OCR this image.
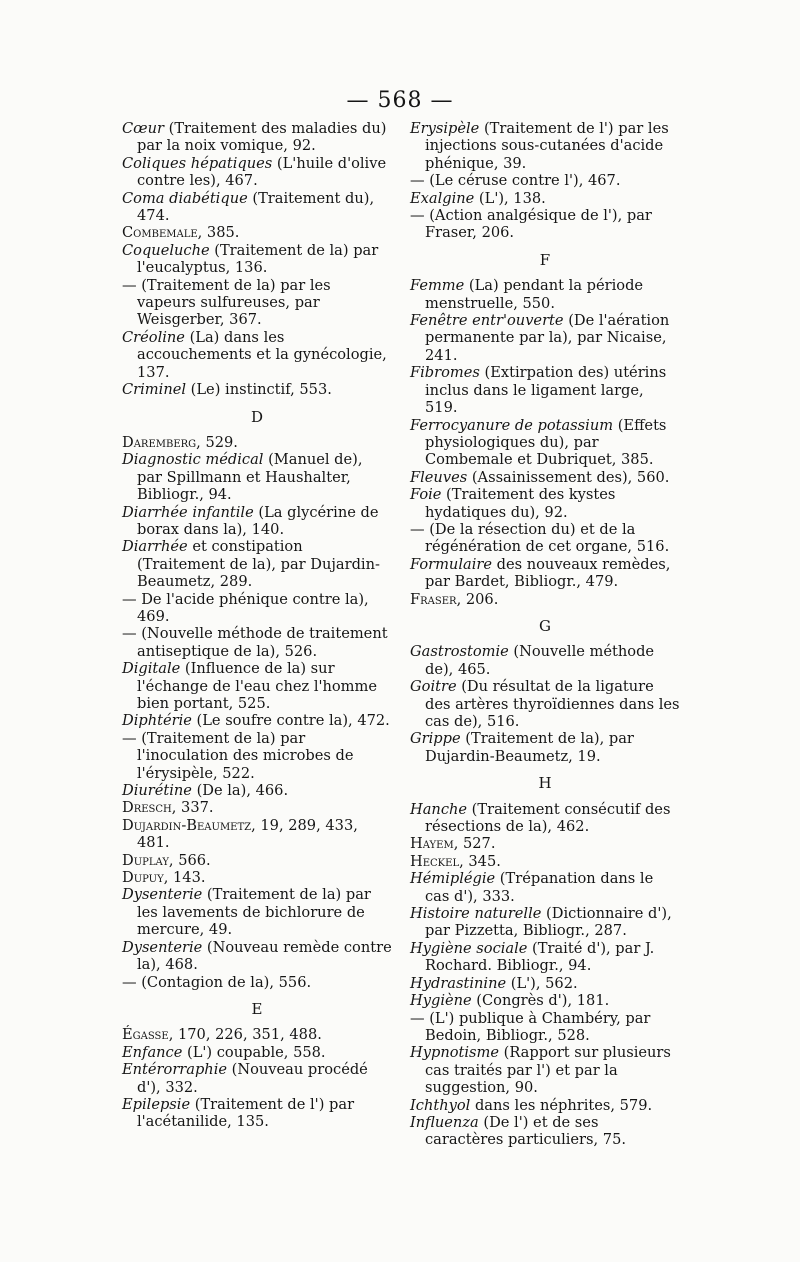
— 568 —

Cœur (Traitement des maladies du) par la noix vomique, 92.

Coliques hépatiques (L'huile d'olive contre les), 467.

Coma diabétique (Traitement du), 474.

Combemale, 385.

Coqueluche (Traitement de la) par l'eucalyptus, 136.

— (Traitement de la) par les vapeurs sulfureuses, par Weisgerber, 367.

Créoline (La) dans les accouchements et la gynécologie, 137.

Criminel (Le) instinctif, 553.

D

Daremberg, 529.

Diagnostic médical (Manuel de), par Spillmann et Haushalter, Bibliogr., 94.

Diarrhée infantile (La glycérine de borax dans la), 140.

Diarrhée et constipation (Traitement de la), par Dujardin-Beaumetz, 289.

— De l'acide phénique contre la), 469.

— (Nouvelle méthode de traitement antiseptique de la), 526.

Digitale (Influence de la) sur l'échange de l'eau chez l'homme bien portant, 525.

Diphtérie (Le soufre contre la), 472.

— (Traitement de la) par l'inoculation des microbes de l'érysipèle, 522.

Diurétine (De la), 466.

Dresch, 337.

Dujardin-Beaumetz, 19, 289, 433, 481.

Duplay, 566.

Dupuy, 143.

Dysenterie (Traitement de la) par les lavements de bichlorure de mercure, 49.

Dysenterie (Nouveau remède contre la), 468.

— (Contagion de la), 556.

E

Égasse, 170, 226, 351, 488.

Enfance (L') coupable, 558.

Entérorraphie (Nouveau procédé d'), 332.

Epilepsie (Traitement de l') par l'acétanilide, 135.

Erysipèle (Traitement de l') par les injections sous-cutanées d'acide phénique, 39.

— (Le céruse contre l'), 467.

Exalgine (L'), 138.

— (Action analgésique de l'), par Fraser, 206.

F

Femme (La) pendant la période menstruelle, 550.

Fenêtre entr'ouverte (De l'aération permanente par la), par Nicaise, 241.

Fibromes (Extirpation des) utérins inclus dans le ligament large, 519.

Ferrocyanure de potassium (Effets physiologiques du), par Combemale et Dubriquet, 385.

Fleuves (Assainissement des), 560.

Foie (Traitement des kystes hydatiques du), 92.

— (De la résection du) et de la régénération de cet organe, 516.

Formulaire des nouveaux remèdes, par Bardet, Bibliogr., 479.

Fraser, 206.

G

Gastrostomie (Nouvelle méthode de), 465.

Goitre (Du résultat de la ligature des artères thyroïdiennes dans les cas de), 516.

Grippe (Traitement de la), par Dujardin-Beaumetz, 19.

H

Hanche (Traitement consécutif des résections de la), 462.

Hayem, 527.

Heckel, 345.

Hémiplégie (Trépanation dans le cas d'), 333.

Histoire naturelle (Dictionnaire d'), par Pizzetta, Bibliogr., 287.

Hygiène sociale (Traité d'), par J. Rochard. Bibliogr., 94.

Hydrastinine (L'), 562.

Hygiène (Congrès d'), 181.

— (L') publique à Chambéry, par Bedoin, Bibliogr., 528.

Hypnotisme (Rapport sur plusieurs cas traités par l') et par la suggestion, 90.

Ichthyol dans les néphrites, 579.

Influenza (De l') et de ses caractères particuliers, 75.
